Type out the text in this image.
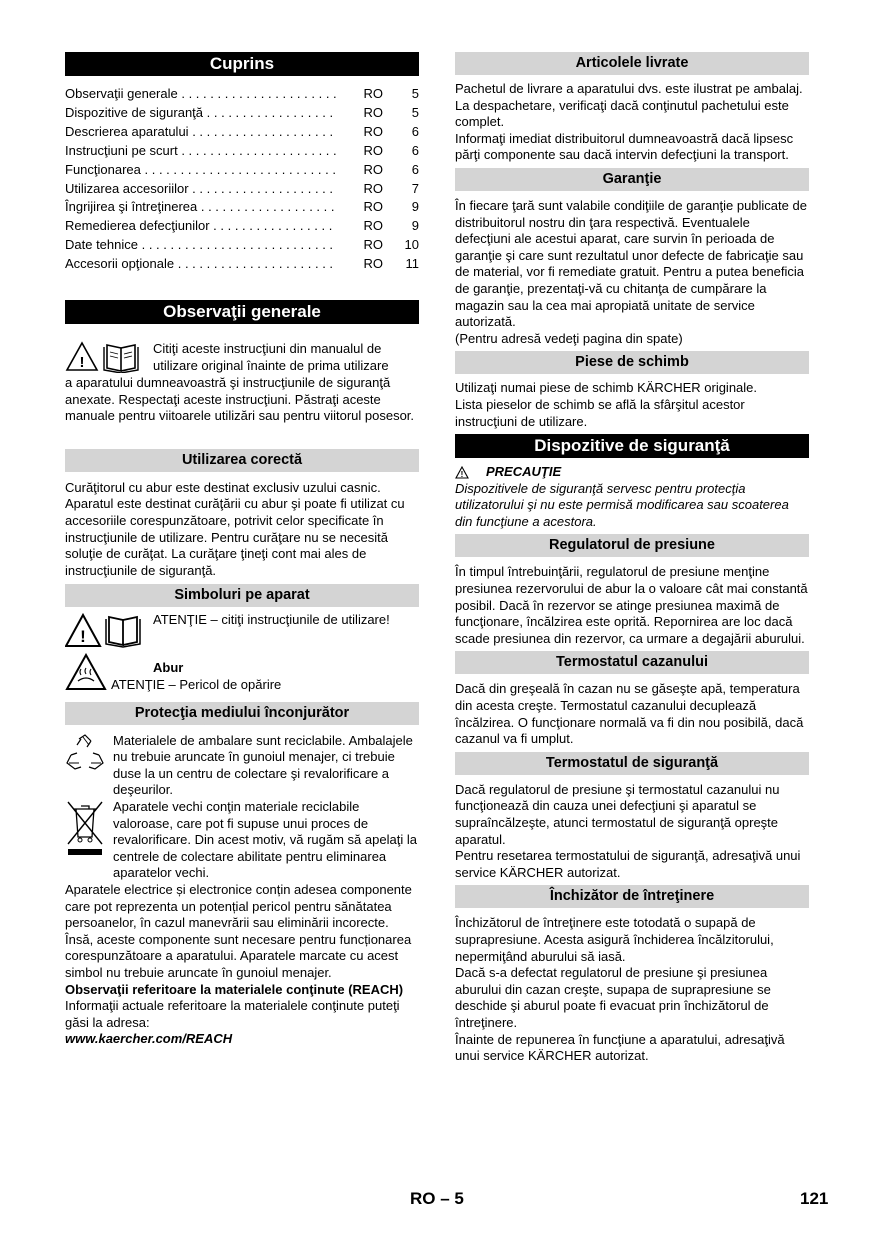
Cuprins
Observaţii generale . . .	RO	5
Dispozitive de siguranţă . . .	RO	5
Descrierea aparatului . . .	RO	6
Instrucţiuni pe scurt . . .	RO	6
Funcţionarea . . .	RO	6
Utilizarea accesoriilor . . .	RO	7
Îngrijirea şi întreţinerea . . .	RO	9
Remedierea defecţiunilor . . .	RO	9
Date tehnice . . .	RO	10
Accesorii opţionale . . .	RO	11
Observaţii generale
!

Citiţi aceste instrucţiuni din manualul de

utilizare original înainte de prima utilizare

a aparatului dumneavoastră şi instrucţiunile de siguranţă anexate. Respectaţi aceste instrucţiuni. Păstraţi aceste manuale pentru viitoarele utilizări sau pentru viitorul posesor.

Utilizarea corectă

Curăţitorul cu abur este destinat exclusiv uzului casnic. Aparatul este destinat curăţării cu abur şi poate fi utilizat cu accesoriile corespunzătoare, potrivit celor specificate în instrucţiunile de utilizare. Pentru curăţare nu se necesită soluţie de curăţat. La curăţare ţineţi cont mai ales de instrucţiunile de siguranţă.

Simboluri pe aparat
!

ATENŢIE – citiţi instrucţiunile de utilizare!

Abur

ATENŢIE – Pericol de opărire

Protecţia mediului înconjurător

Materialele de ambalare sunt reciclabile. Ambalajele nu trebuie aruncate în gunoiul menajer, ci trebuie duse la un centru de colectare şi revalorificare a deşeurilor.

Aparatele vechi conţin materiale reciclabile valoroase, care pot fi supuse unui proces de revalorificare. Din acest motiv, vă rugăm să apelaţi la centrele de colectare abilitate pentru eliminarea aparatelor vechi.

Aparatele electrice și electronice conțin adesea componente care pot reprezenta un potențial pericol pentru sănătatea persoanelor, în cazul manevrării sau eliminării incorecte. Însă, aceste componente sunt necesare pentru funcționarea corespunzătoare a aparatului. Aparatele marcate cu acest simbol nu trebuie aruncate în gunoiul menajer.

Observaţii referitoare la materialele conţinute (REACH)

Informaţii actuale referitoare la materialele conţinute puteţi găsi la adresa:

www.kaercher.com/REACH

Articolele livrate

Pachetul de livrare a aparatului dvs. este ilustrat pe ambalaj. La despachetare, verificaţi dacă conţinutul pachetului este complet.

Informaţi imediat distribuitorul dumneavoastră dacă lipsesc părţi componente sau dacă intervin defecţiuni la transport.

Garanţie

În fiecare ţară sunt valabile condiţiile de garanţie publicate de distribuitorul nostru din ţara respectivă. Eventualele defecţiuni ale acestui aparat, care survin în perioada de garanţie şi care sunt rezultatul unor defecte de fabricaţie sau de material, vor fi remediate gratuit. Pentru a putea beneficia de garanţie, prezentaţi-vă cu chitanţa de cumpărare la magazin sau la cea mai apropiată unitate de service autorizată.

(Pentru adresă vedeţi pagina din spate)

Piese de schimb

Utilizaţi numai piese de schimb KÄRCHER originale.

Lista pieselor de schimb se află la sfârşitul acestor instrucţiuni de utilizare.

Dispozitive de siguranţă
! PRECAUŢIE

Dispozitivele de siguranţă servesc pentru protecţia utilizatorului şi nu este permisă modificarea sau scoaterea din funcţiune a acestora.

Regulatorul de presiune

În timpul întrebuinţării, regulatorul de presiune menţine presiunea rezervorului de abur la o valoare cât mai constantă posibil. Dacă în rezervor se atinge presiunea maximă de funcţionare, încălzirea este oprită. Repornirea are loc dacă scade presiunea din rezervor, ca urmare a degajării aburului.

Termostatul cazanului

Dacă din greşeală în cazan nu se găseşte apă, temperatura din acesta creşte. Termostatul cazanului decuplează încălzirea. O funcţionare normală va fi din nou posibilă, dacă cazanul va fi umplut.

Termostatul de siguranţă

Dacă regulatorul de presiune şi termostatul cazanului nu funcţionează din cauza unei defecţiuni şi aparatul se supraîncălzeşte, atunci termostatul de siguranţă opreşte aparatul.

Pentru resetarea termostatului de siguranţă, adresaţivă unui service KÄRCHER autorizat.

Închizător de întreţinere

Închizătorul de întreţinere este totodată o supapă de suprapresiune. Acesta asigură închiderea încălzitorului, nepermiţând aburului să iasă.

Dacă s-a defectat regulatorul de presiune şi presiunea aburului din cazan creşte, supapa de suprapresiune se deschide şi aburul poate fi evacuat prin închizătorul de întreţinere.

Înainte de repunerea în funcţiune a aparatului, adresaţivă unui service KÄRCHER autorizat.

RO – 5	121
